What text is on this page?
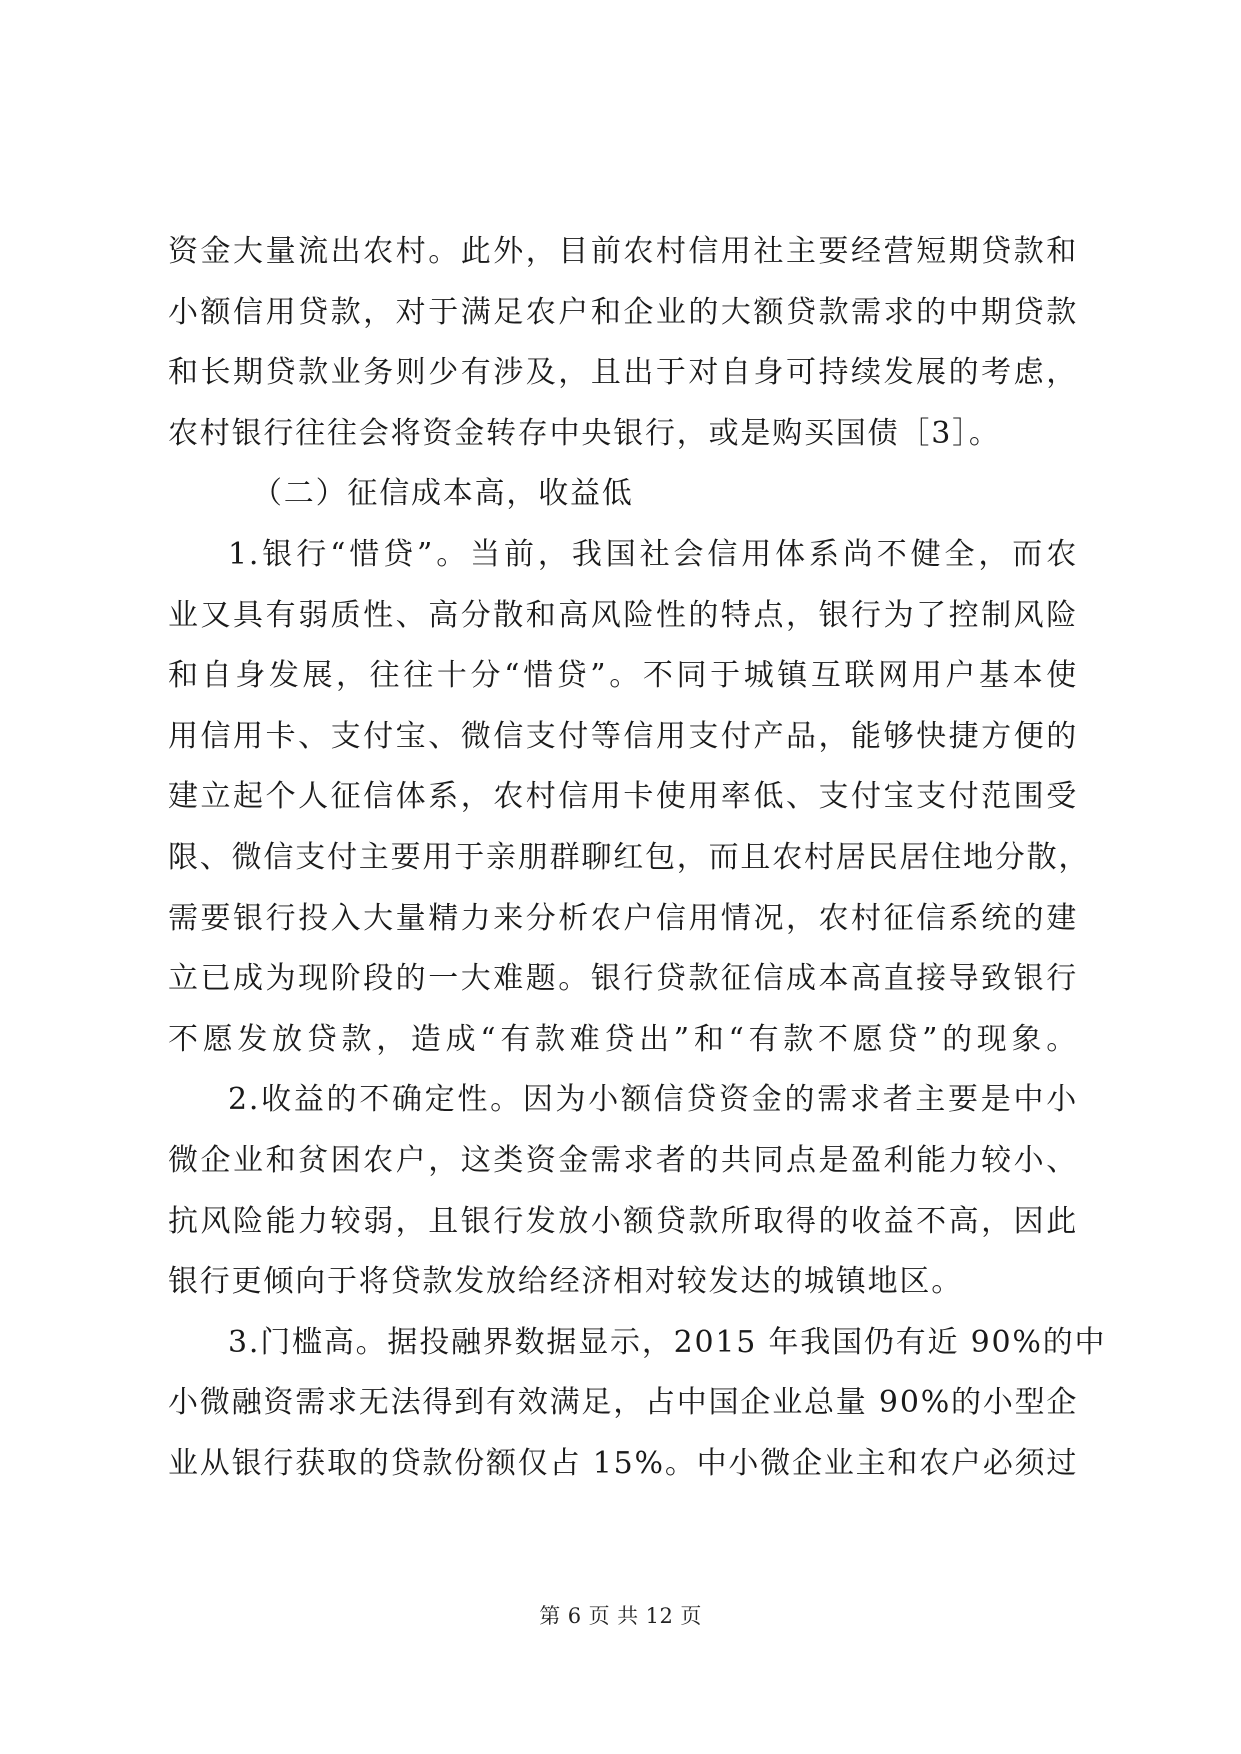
资金大量流出农村。此外，目前农村信用社主要经营短期贷款和
小额信用贷款，对于满足农户和企业的大额贷款需求的中期贷款
和长期贷款业务则少有涉及，且出于对自身可持续发展的考虑，
农村银行往往会将资金转存中央银行，或是购买国债［3］。
（二）征信成本高，收益低
1.银行“惜贷”。当前，我国社会信用体系尚不健全，而农
业又具有弱质性、高分散和高风险性的特点，银行为了控制风险
和自身发展，往往十分“惜贷”。不同于城镇互联网用户基本使
用信用卡、支付宝、微信支付等信用支付产品，能够快捷方便的
建立起个人征信体系，农村信用卡使用率低、支付宝支付范围受
限、微信支付主要用于亲朋群聊红包，而且农村居民居住地分散，
需要银行投入大量精力来分析农户信用情况，农村征信系统的建
立已成为现阶段的一大难题。银行贷款征信成本高直接导致银行
不愿发放贷款，造成“有款难贷出”和“有款不愿贷”的现象。
2.收益的不确定性。因为小额信贷资金的需求者主要是中小
微企业和贫困农户，这类资金需求者的共同点是盈利能力较小、
抗风险能力较弱，且银行发放小额贷款所取得的收益不高，因此
银行更倾向于将贷款发放给经济相对较发达的城镇地区。
3.门槛高。据投融界数据显示，2015 年我国仍有近 90%的中
小微融资需求无法得到有效满足，占中国企业总量 90%的小型企
业从银行获取的贷款份额仅占 15%。中小微企业主和农户必须过
第 6 页 共 12 页
